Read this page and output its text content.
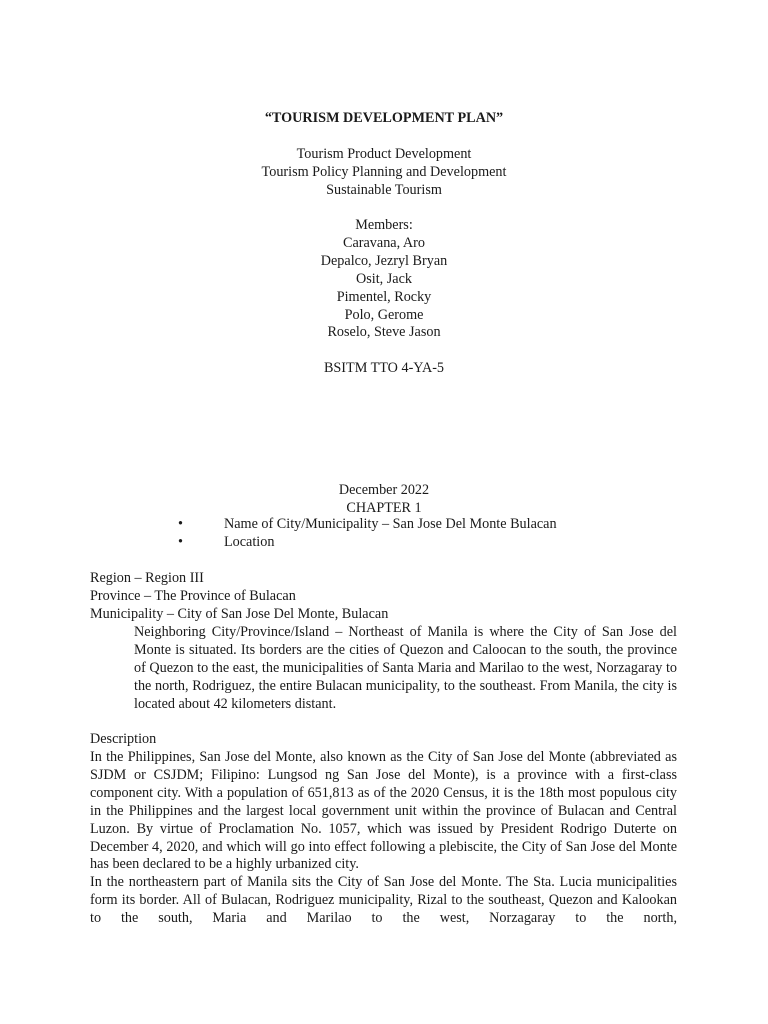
“TOURISM DEVELOPMENT PLAN”
Tourism Product Development
Tourism Policy Planning and Development
Sustainable Tourism
Members:
Caravana, Aro
Depalco, Jezryl Bryan
Osit, Jack
Pimentel, Rocky
Polo, Gerome
Roselo, Steve Jason
BSITM TTO 4-YA-5
December 2022
CHAPTER 1
•	Name of City/Municipality – San Jose Del Monte Bulacan
•	Location
Region – Region III
Province – The Province of Bulacan
Municipality – City of San Jose Del Monte, Bulacan
Neighboring City/Province/Island – Northeast of Manila is where the City of San Jose del Monte is situated. Its borders are the cities of Quezon and Caloocan to the south, the province of Quezon to the east, the municipalities of Santa Maria and Marilao to the west, Norzagaray to the north, Rodriguez, the entire Bulacan municipality, to the southeast. From Manila, the city is located about 42 kilometers distant.
Description
In the Philippines, San Jose del Monte, also known as the City of San Jose del Monte (abbreviated as SJDM or CSJDM; Filipino: Lungsod ng San Jose del Monte), is a province with a first-class component city. With a population of 651,813 as of the 2020 Census, it is the 18th most populous city in the Philippines and the largest local government unit within the province of Bulacan and Central Luzon. By virtue of Proclamation No. 1057, which was issued by President Rodrigo Duterte on December 4, 2020, and which will go into effect following a plebiscite, the City of San Jose del Monte has been declared to be a highly urbanized city.
In the northeastern part of Manila sits the City of San Jose del Monte. The Sta. Lucia municipalities form its border. All of Bulacan, Rodriguez municipality, Rizal to the southeast, Quezon and Kalookan to the south, Maria and Marilao to the west, Norzagaray to the north,
